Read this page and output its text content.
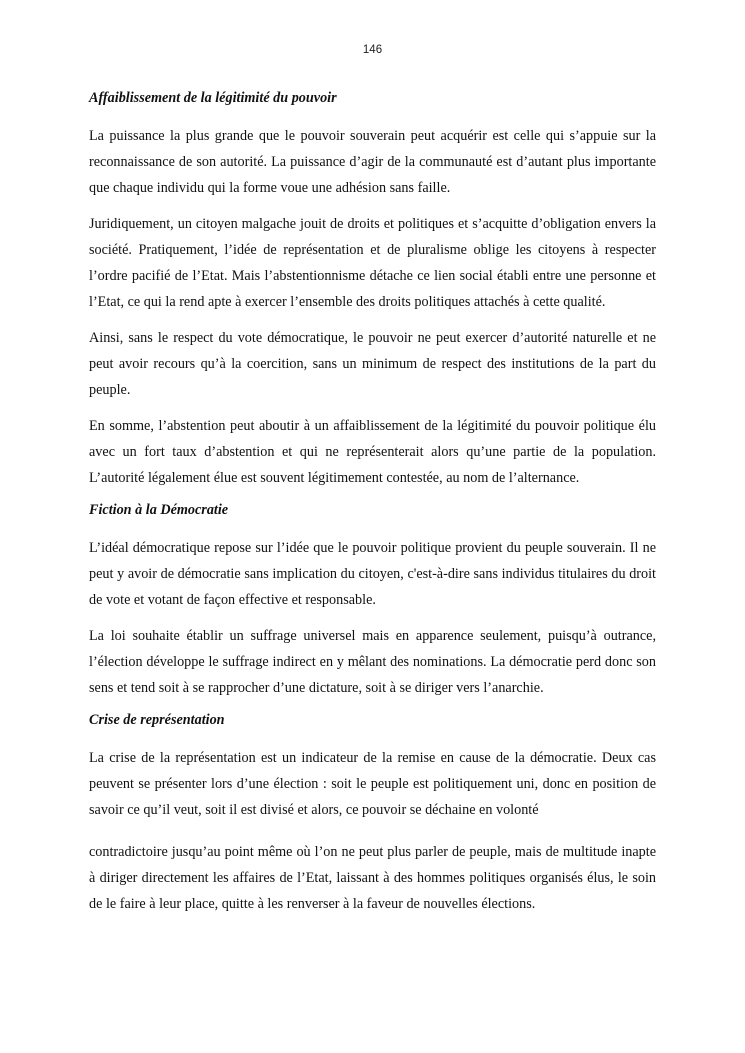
146
Affaiblissement de la légitimité du pouvoir

La puissance la plus grande que le pouvoir souverain peut acquérir est celle qui s’appuie sur la reconnaissance de son autorité. La puissance d’agir de la communauté est d’autant plus importante que chaque individu qui la forme voue une adhésion sans faille.

Juridiquement, un citoyen malgache jouit de droits et politiques et s’acquitte d’obligation envers la société. Pratiquement, l’idée de représentation et de pluralisme oblige les citoyens à respecter l’ordre pacifié de l’Etat. Mais l’abstentionnisme détache ce lien social établi entre une personne et l’Etat, ce qui la rend apte à exercer l’ensemble des droits politiques attachés à cette qualité.

Ainsi, sans le respect du vote démocratique, le pouvoir ne peut exercer d’autorité naturelle et ne peut avoir recours qu’à la coercition, sans un minimum de respect des institutions de la part du peuple.

En somme, l’abstention peut aboutir à un affaiblissement de la légitimité du pouvoir politique élu avec un fort taux d’abstention et qui ne représenterait alors qu’une partie de la population. L’autorité légalement élue est souvent légitimement contestée, au nom de l’alternance.

Fiction à la Démocratie

L’idéal démocratique repose sur l’idée que le pouvoir politique provient du peuple souverain. Il ne peut y avoir de démocratie sans implication du citoyen, c'est-à-dire sans individus titulaires du droit de vote et votant de façon effective et responsable.

La loi souhaite établir un suffrage universel mais en apparence seulement, puisqu’à outrance, l’élection développe le suffrage indirect en y mêlant des nominations. La démocratie perd donc son sens et tend soit à se rapprocher d’une dictature, soit à se diriger vers l’anarchie.

Crise de représentation

La crise de la représentation est un indicateur de la remise en cause de la démocratie. Deux cas peuvent se présenter lors d’une élection : soit le peuple est politiquement uni, donc en position de savoir ce qu’il veut, soit il est divisé et alors, ce pouvoir se déchaine en volonté

contradictoire jusqu’au point même où l’on ne peut plus parler de peuple, mais de multitude inapte à diriger directement les affaires de l’Etat, laissant à des hommes politiques organisés élus, le soin de le faire à leur place, quitte à les renverser à la faveur de nouvelles élections.
